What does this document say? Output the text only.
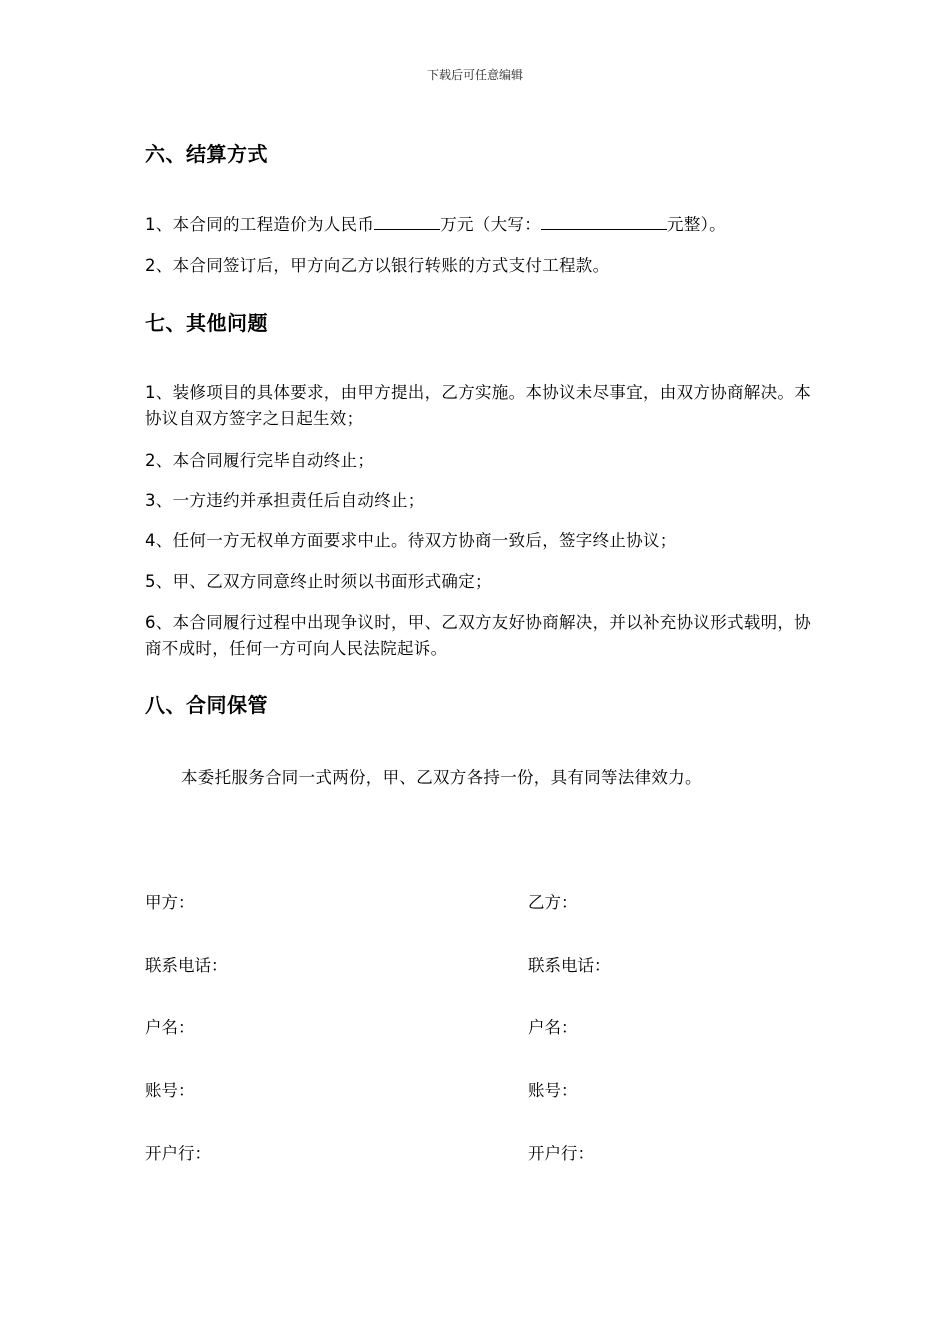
下载后可任意编辑
六、结算方式
1、本合同的工程造价为人民币	万元（大写：	元整）。
2、本合同签订后，甲方向乙方以银行转账的方式支付工程款。
七、其他问题
1、装修项目的具体要求，由甲方提出，乙方实施。本协议未尽事宜，由双方协商解决。本协议自双方签字之日起生效；
2、本合同履行完毕自动终止；
3、一方违约并承担责任后自动终止；
4、任何一方无权单方面要求中止。待双方协商一致后，签字终止协议；
5、甲、乙双方同意终止时须以书面形式确定；
6、本合同履行过程中出现争议时，甲、乙双方友好协商解决，并以补充协议形式载明，协商不成时，任何一方可向人民法院起诉。
八、合同保管
本委托服务合同一式两份，甲、乙双方各持一份，具有同等法律效力。
甲方：
联系电话：
户名：
账号：
开户行：
乙方：
联系电话：
户名：
账号：
开户行：
